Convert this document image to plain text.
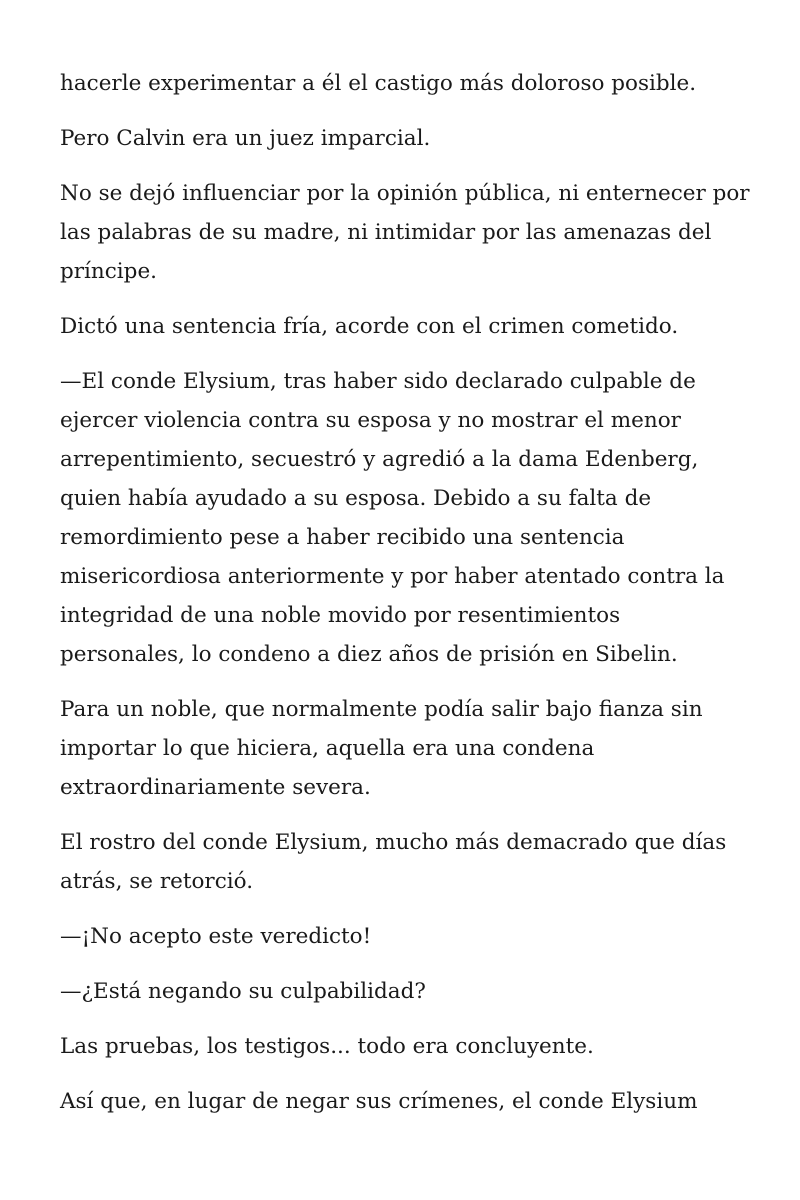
hacerle experimentar a él el castigo más doloroso posible.

Pero Calvin era un juez imparcial.

No se dejó influenciar por la opinión pública, ni enternecer por las palabras de su madre, ni intimidar por las amenazas del príncipe.

Dictó una sentencia fría, acorde con el crimen cometido.

—El conde Elysium, tras haber sido declarado culpable de ejercer violencia contra su esposa y no mostrar el menor arrepentimiento, secuestró y agredió a la dama Edenberg, quien había ayudado a su esposa. Debido a su falta de remordimiento pese a haber recibido una sentencia misericordiosa anteriormente y por haber atentado contra la integridad de una noble movido por resentimientos personales, lo condeno a diez años de prisión en Sibelin.

Para un noble, que normalmente podía salir bajo fianza sin importar lo que hiciera, aquella era una condena extraordinariamente severa.

El rostro del conde Elysium, mucho más demacrado que días atrás, se retorció.

—¡No acepto este veredicto!

—¿Está negando su culpabilidad?

Las pruebas, los testigos... todo era concluyente.

Así que, en lugar de negar sus crímenes, el conde Elysium
